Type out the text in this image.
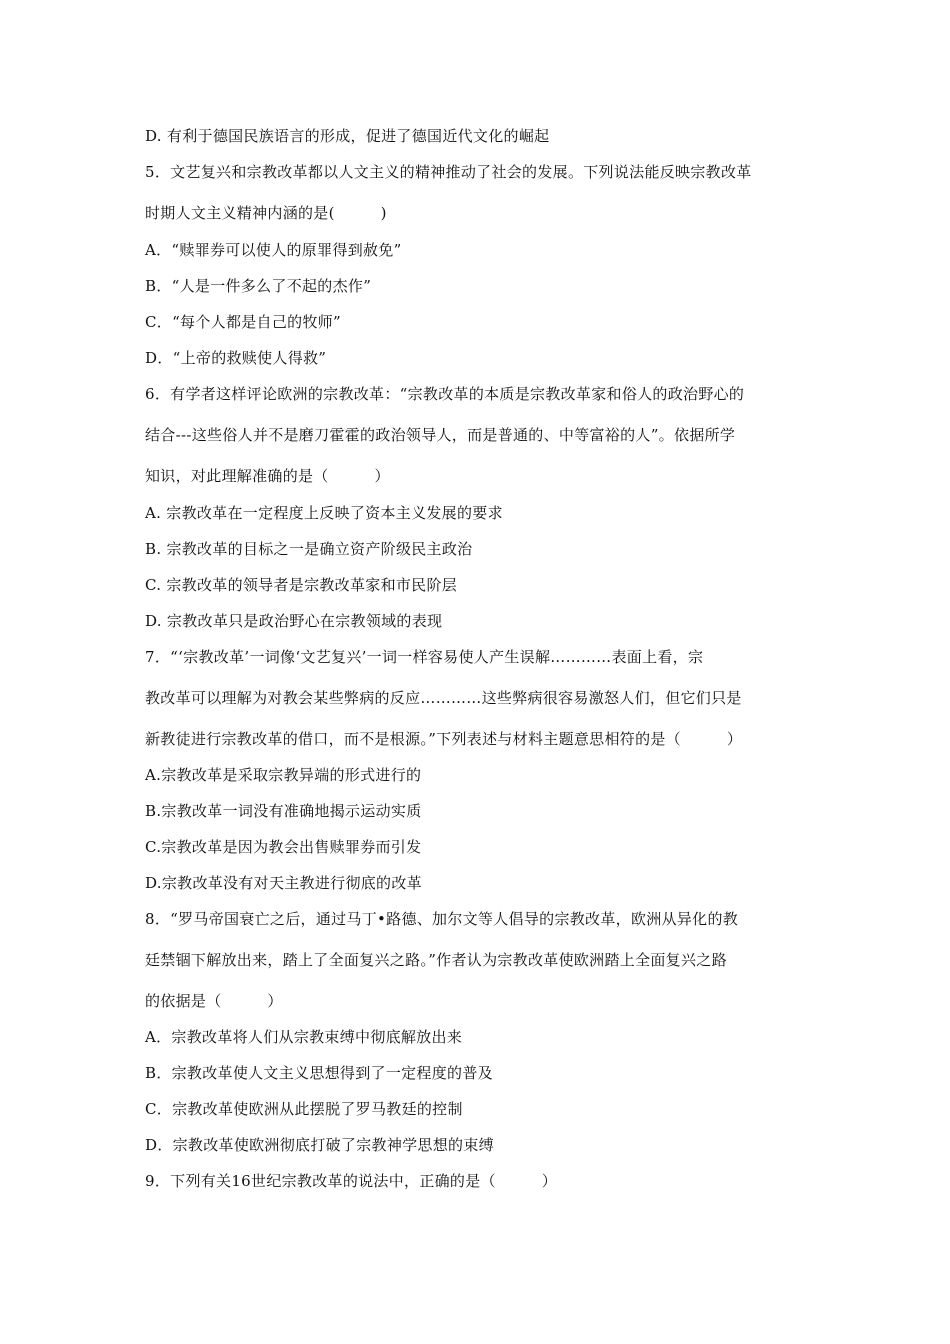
D. 有利于德国民族语言的形成，促进了德国近代文化的崛起
5．文艺复兴和宗教改革都以人文主义的精神推动了社会的发展。下列说法能反映宗教改革
时期人文主义精神内涵的是(　　　)
A．“赎罪券可以使人的原罪得到赦免”
B．“人是一件多么了不起的杰作”
C．“每个人都是自己的牧师”
D．“上帝的救赎使人得救”
6．有学者这样评论欧洲的宗教改革：“宗教改革的本质是宗教改革家和俗人的政治野心的
结合---这些俗人并不是磨刀霍霍的政治领导人，而是普通的、中等富裕的人”。依据所学
知识，对此理解准确的是（　　　）
A. 宗教改革在一定程度上反映了资本主义发展的要求
B. 宗教改革的目标之一是确立资产阶级民主政治
C. 宗教改革的领导者是宗教改革家和市民阶层
D. 宗教改革只是政治野心在宗教领域的表现
7．“‘宗教改革’一词像‘文艺复兴’一词一样容易使人产生误解…………表面上看，宗
教改革可以理解为对教会某些弊病的反应…………这些弊病很容易激怒人们，但它们只是
新教徒进行宗教改革的借口，而不是根源。”下列表述与材料主题意思相符的是（　　　）
A.宗教改革是采取宗教异端的形式进行的
B.宗教改革一词没有准确地揭示运动实质
C.宗教改革是因为教会出售赎罪券而引发
D.宗教改革没有对天主教进行彻底的改革
8．“罗马帝国衰亡之后，通过马丁•路德、加尔文等人倡导的宗教改革，欧洲从异化的教
廷禁锢下解放出来，踏上了全面复兴之路。”作者认为宗教改革使欧洲踏上全面复兴之路
的依据是（　　　）
A．宗教改革将人们从宗教束缚中彻底解放出来
B．宗教改革使人文主义思想得到了一定程度的普及
C．宗教改革使欧洲从此摆脱了罗马教廷的控制
D．宗教改革使欧洲彻底打破了宗教神学思想的束缚
9．下列有关16世纪宗教改革的说法中，正确的是（　　　）
